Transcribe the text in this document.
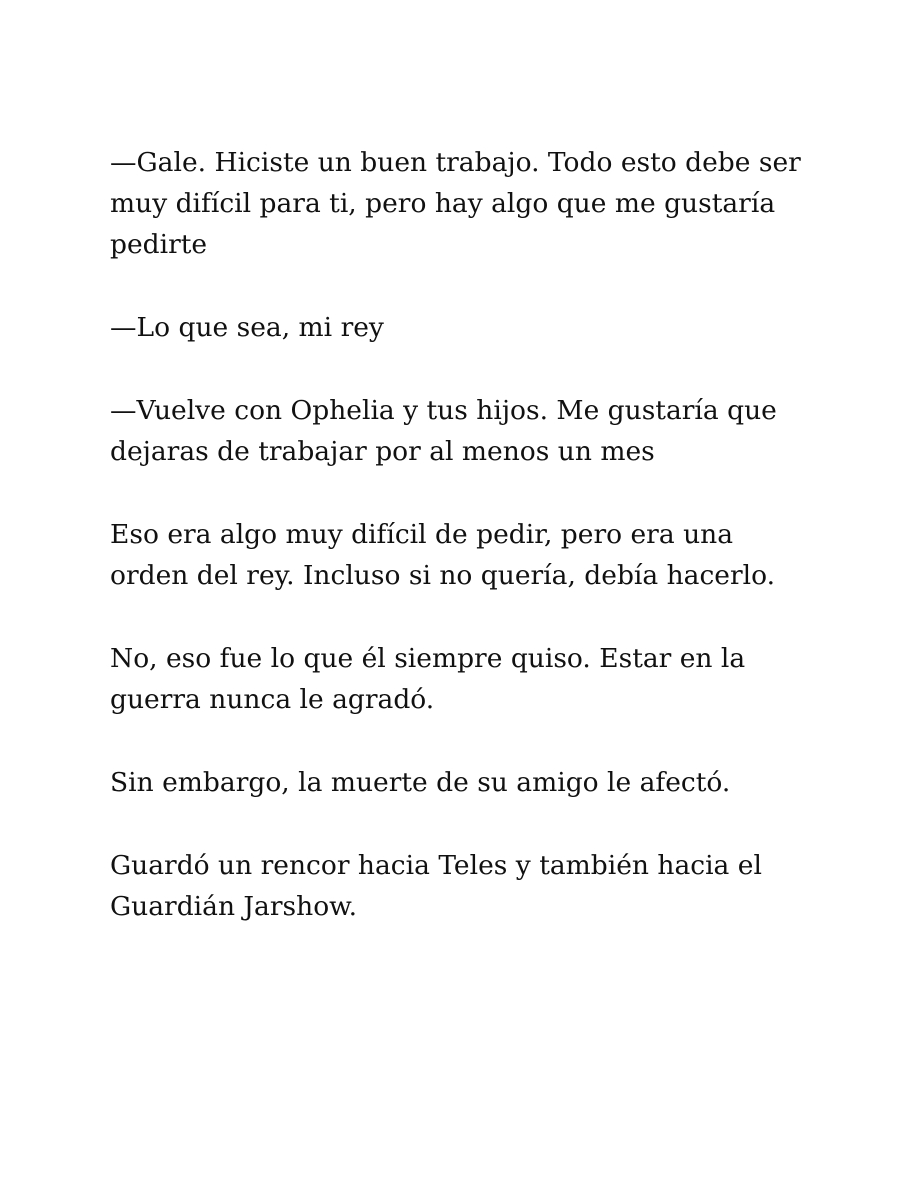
—Gale. Hiciste un buen trabajo. Todo esto debe ser muy difícil para ti, pero hay algo que me gustaría pedirte

—Lo que sea, mi rey

—Vuelve con Ophelia y tus hijos. Me gustaría que dejaras de trabajar por al menos un mes

Eso era algo muy difícil de pedir, pero era una orden del rey. Incluso si no quería, debía hacerlo.

No, eso fue lo que él siempre quiso. Estar en la guerra nunca le agradó.

Sin embargo, la muerte de su amigo le afectó.

Guardó un rencor hacia Teles y también hacia el Guardián Jarshow.
